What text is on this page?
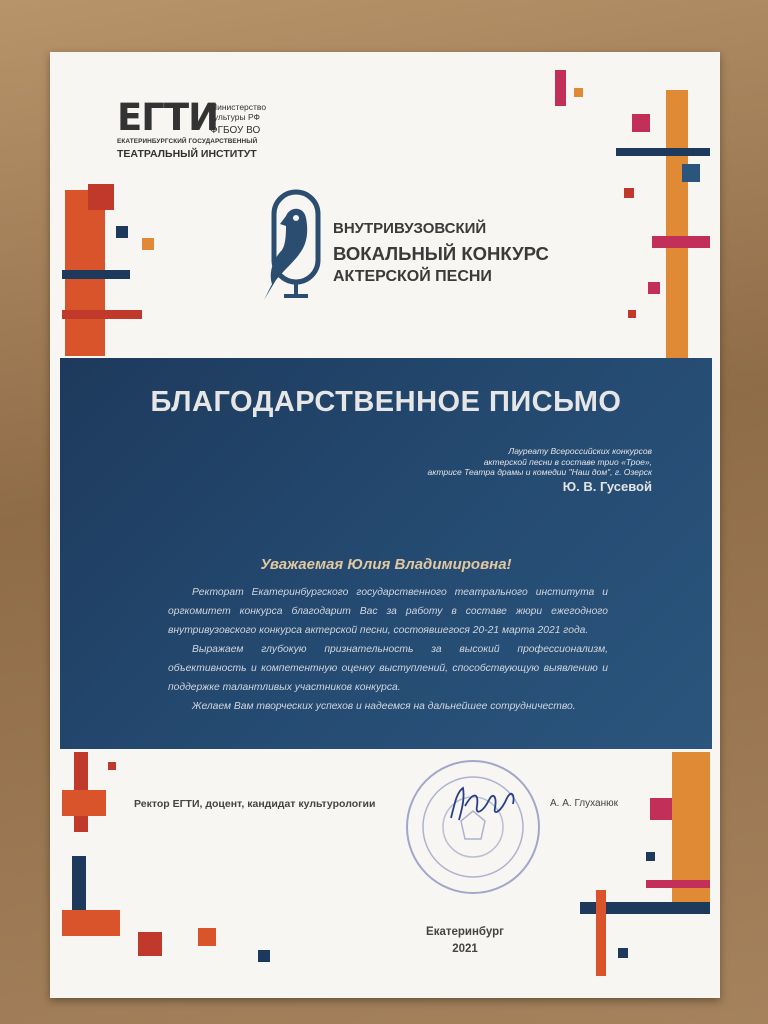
ЕГТИ
Министерство культуры РФ
ФГБОУ ВО
ЕКАТЕРИНБУРГСКИЙ ГОСУДАРСТВЕННЫЙ
ТЕАТРАЛЬНЫЙ ИНСТИТУТ
ВНУТРИВУЗОВСКИЙ
ВОКАЛЬНЫЙ КОНКУРС
АКТЕРСКОЙ ПЕСНИ
БЛАГОДАРСТВЕННОЕ ПИСЬМО
Лауреату Всероссийских конкурсов
актерской песни в составе трио «Трое»,
актрисе Театра драмы и комедии "Наш дом", г. Озерск
Ю. В. Гусевой
Уважаемая Юлия Владимировна!

Ректорат Екатеринбургского государственного театрального института и оргкомитет конкурса благодарит Вас за работу в составе жюри ежегодного внутривузовского конкурса актерской песни, состоявшегося 20-21 марта 2021 года.

Выражаем глубокую признательность за высокий профессионализм, объективность и компетентную оценку выступлений, способствующую выявлению и поддержке талантливых участников конкурса.

Желаем Вам творческих успехов и надеемся на дальнейшее сотрудничество.

Ректор ЕГТИ, доцент, кандидат культурологии	А. А. Глуханюк
Екатеринбург
2021
